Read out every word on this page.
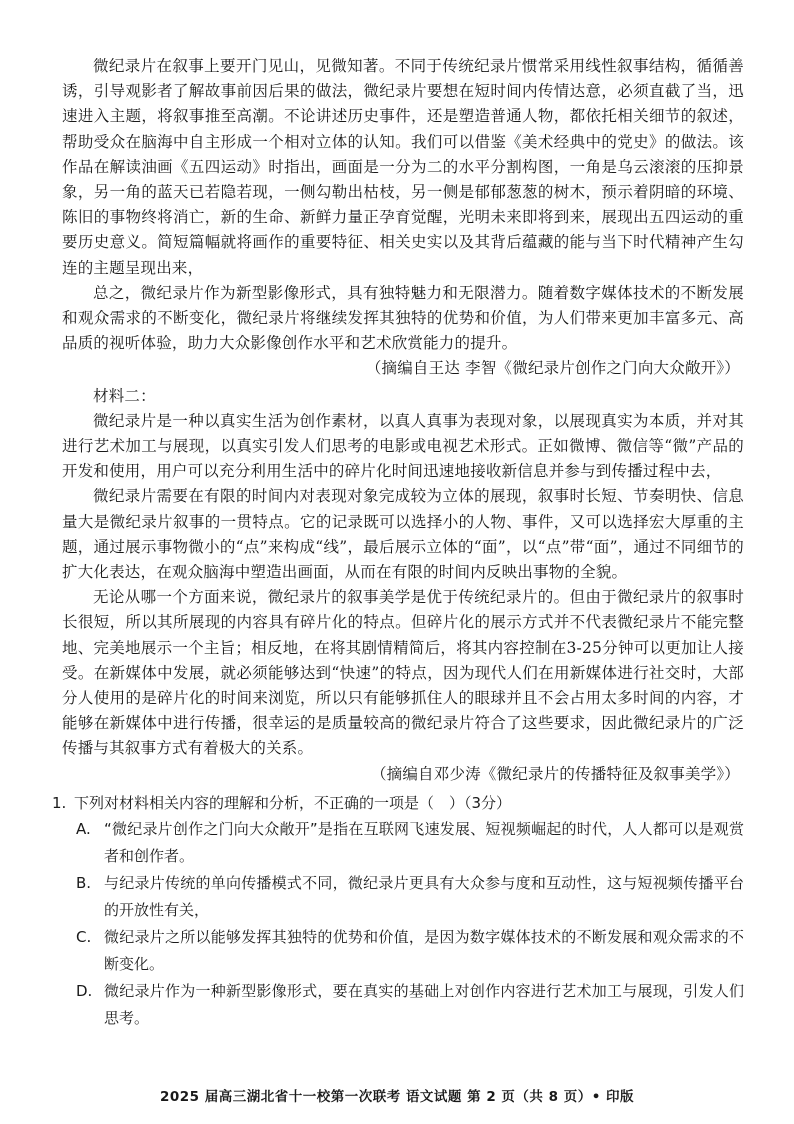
微纪录片在叙事上要开门见山，见微知著。不同于传统纪录片惯常采用线性叙事结构，循循善诱，引导观影者了解故事前因后果的做法，微纪录片要想在短时间内传情达意，必须直截了当，迅速进入主题，将叙事推至高潮。不论讲述历史事件，还是塑造普通人物，都依托相关细节的叙述，帮助受众在脑海中自主形成一个相对立体的认知。我们可以借鉴《美术经典中的党史》的做法。该作品在解读油画《五四运动》时指出，画面是一分为二的水平分割构图，一角是乌云滚滚的压抑景象，另一角的蓝天已若隐若现，一侧勾勒出枯枝，另一侧是郁郁葱葱的树木，预示着阴暗的环境、陈旧的事物终将消亡，新的生命、新鲜力量正孕育觉醒，光明未来即将到来，展现出五四运动的重要历史意义。简短篇幅就将画作的重要特征、相关史实以及其背后蕴藏的能与当下时代精神产生勾连的主题呈现出来，

总之，微纪录片作为新型影像形式，具有独特魅力和无限潜力。随着数字媒体技术的不断发展和观众需求的不断变化，微纪录片将继续发挥其独特的优势和价值，为人们带来更加丰富多元、高品质的视听体验，助力大众影像创作水平和艺术欣赏能力的提升。

（摘编自王达 李智《微纪录片创作之门向大众敞开》）

材料二：

微纪录片是一种以真实生活为创作素材，以真人真事为表现对象，以展现真实为本质，并对其进行艺术加工与展现，以真实引发人们思考的电影或电视艺术形式。正如微博、微信等“微”产品的开发和使用，用户可以充分利用生活中的碎片化时间迅速地接收新信息并参与到传播过程中去，

微纪录片需要在有限的时间内对表现对象完成较为立体的展现，叙事时长短、节奏明快、信息量大是微纪录片叙事的一贯特点。它的记录既可以选择小的人物、事件，又可以选择宏大厚重的主题，通过展示事物微小的“点”来构成“线”，最后展示立体的“面”，以“点”带“面”，通过不同细节的扩大化表达，在观众脑海中塑造出画面，从而在有限的时间内反映出事物的全貌。

无论从哪一个方面来说，微纪录片的叙事美学是优于传统纪录片的。但由于微纪录片的叙事时长很短，所以其所展现的内容具有碎片化的特点。但碎片化的展示方式并不代表微纪录片不能完整地、完美地展示一个主旨；相反地，在将其剧情精简后，将其内容控制在3-25分钟可以更加让人接受。在新媒体中发展，就必须能够达到“快速”的特点，因为现代人们在用新媒体进行社交时，大部分人使用的是碎片化的时间来浏览，所以只有能够抓住人的眼球并且不会占用太多时间的内容，才能够在新媒体中进行传播，很幸运的是质量较高的微纪录片符合了这些要求，因此微纪录片的广泛传播与其叙事方式有着极大的关系。

（摘编自邓少涛《微纪录片的传播特征及叙事美学》）

1. 下列对材料相关内容的理解和分析，不正确的一项是（　）（3分）
A. “微纪录片创作之门向大众敞开”是指在互联网飞速发展、短视频崛起的时代，人人都可以是观赏者和创作者。
B. 与纪录片传统的单向传播模式不同，微纪录片更具有大众参与度和互动性，这与短视频传播平台的开放性有关，
C. 微纪录片之所以能够发挥其独特的优势和价值，是因为数字媒体技术的不断发展和观众需求的不断变化。
D. 微纪录片作为一种新型影像形式，要在真实的基础上对创作内容进行艺术加工与展现，引发人们思考。
2025 届高三湖北省十一校第一次联考 语文试题 第 2 页（共 8 页）• 印版
